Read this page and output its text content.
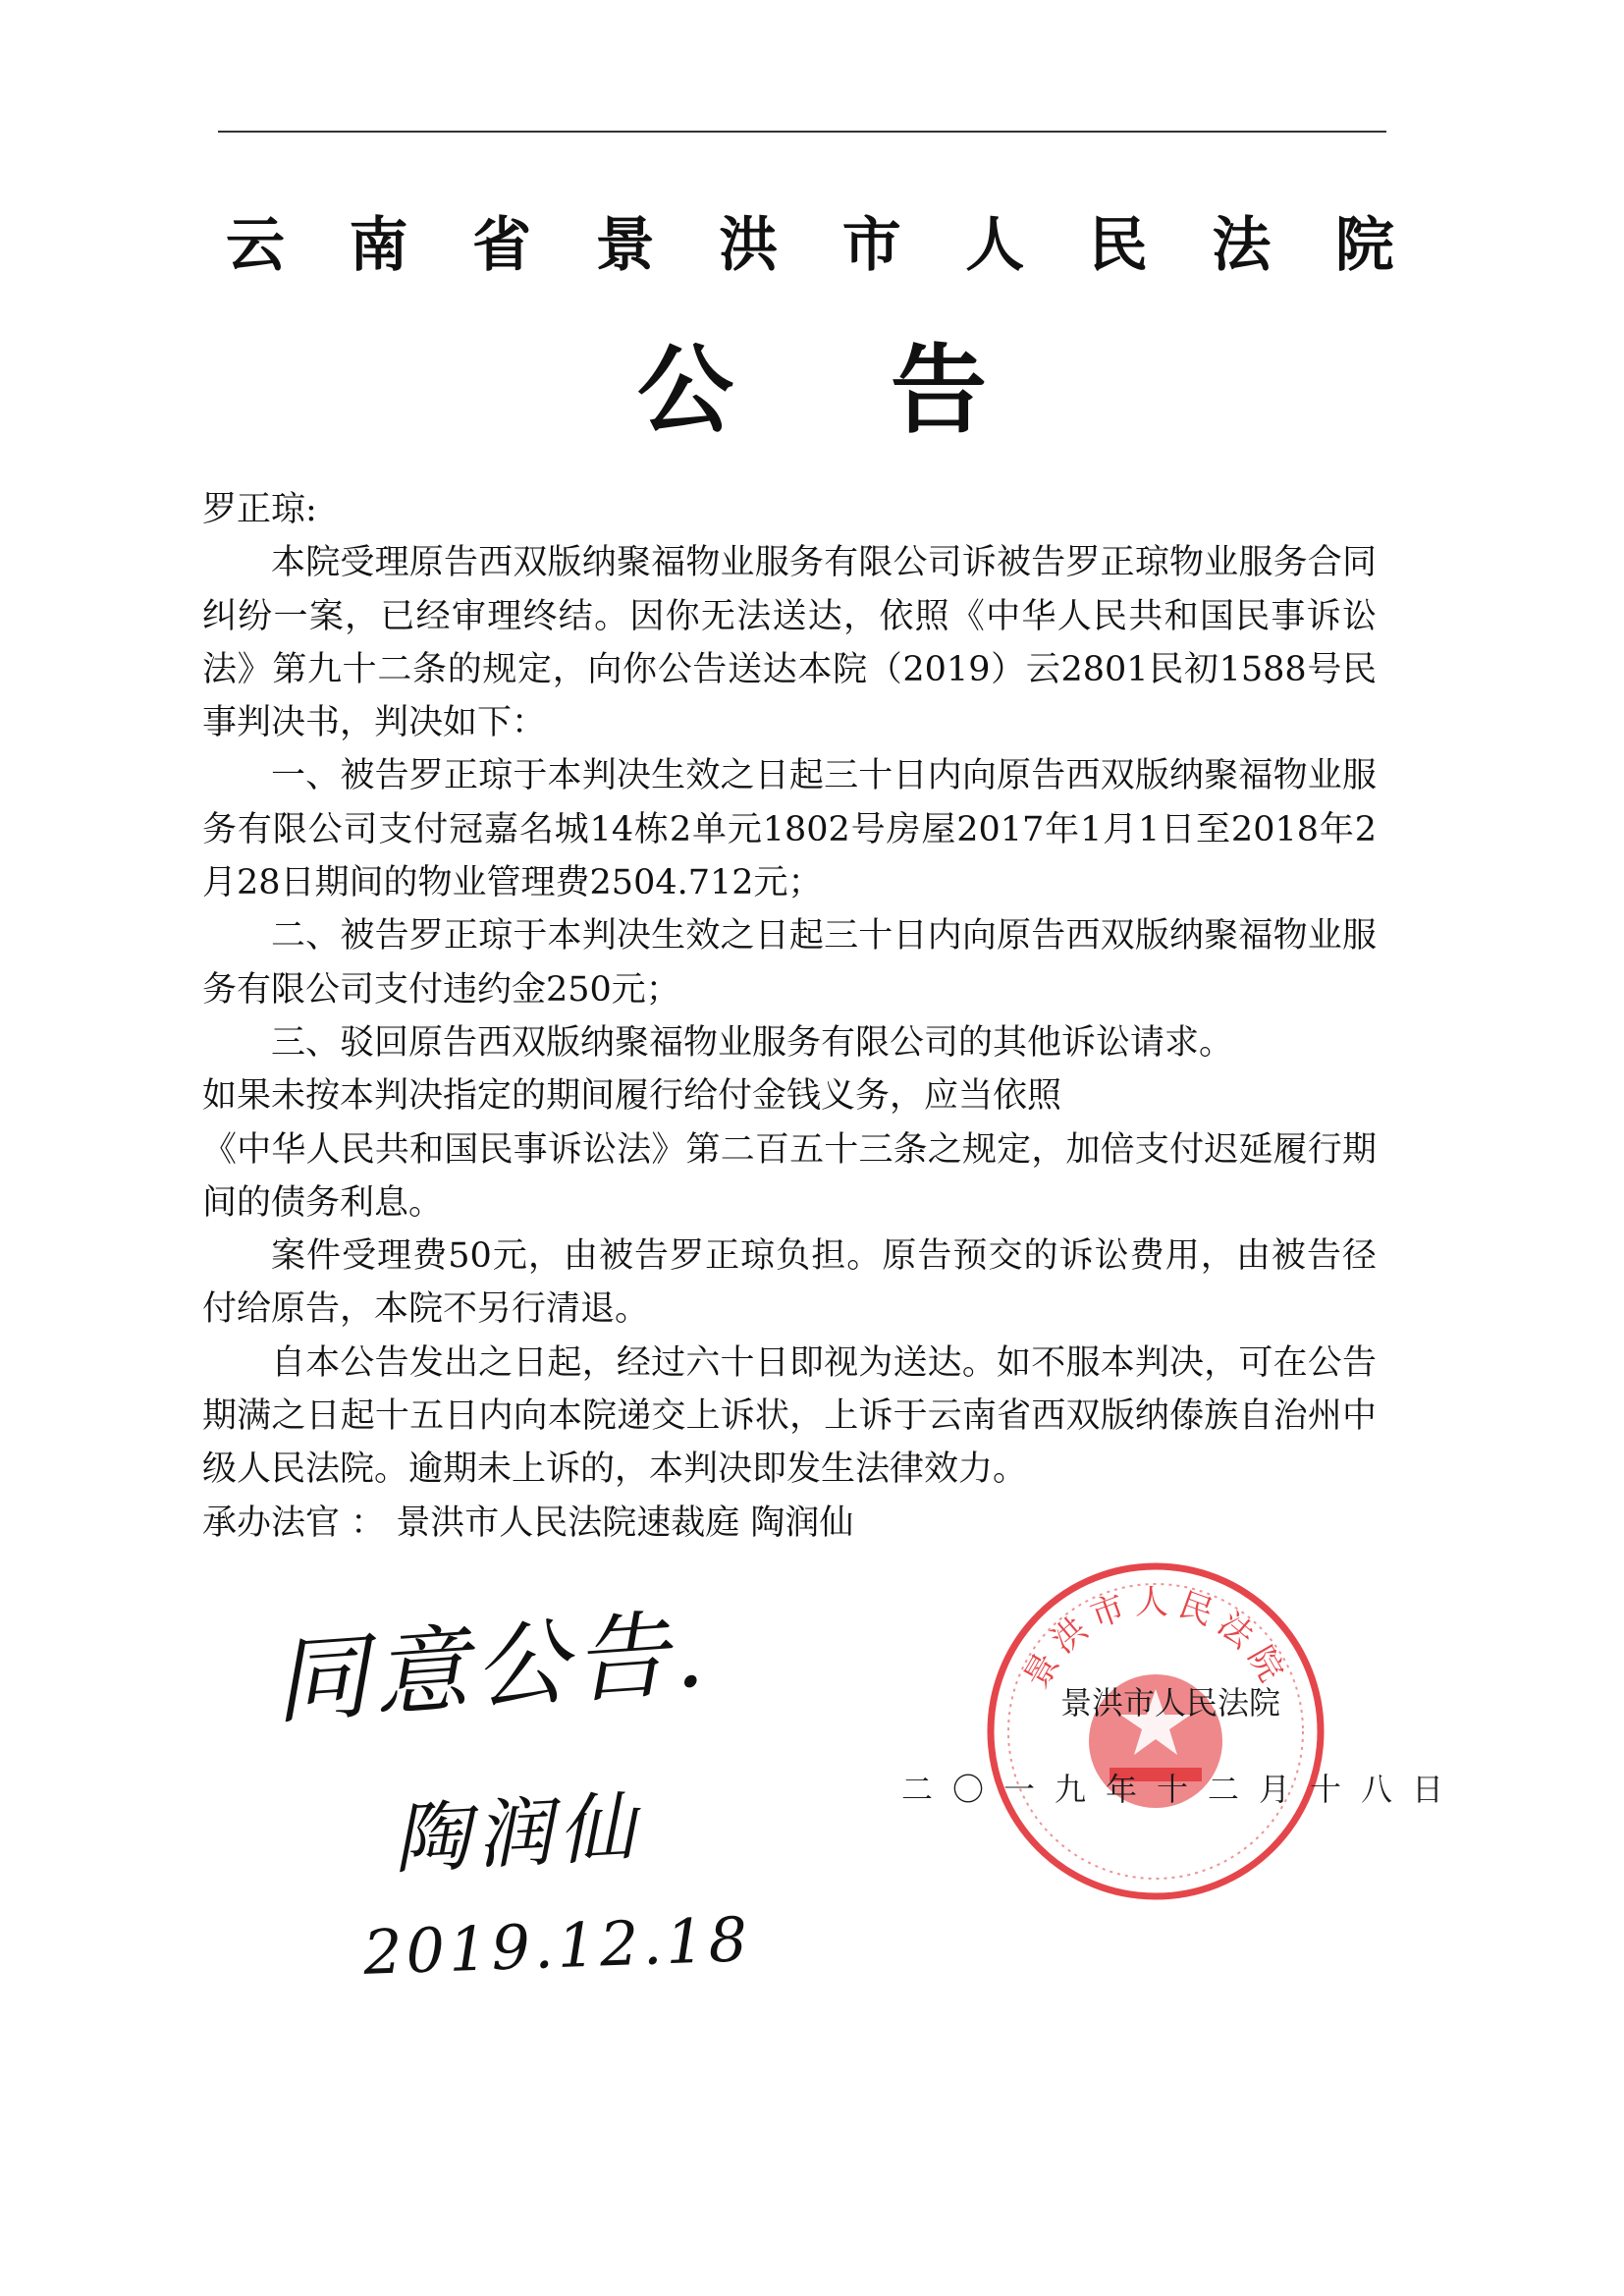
云 南 省 景 洪 市 人 民 法 院
公告

罗正琼:

本院受理原告西双版纳聚福物业服务有限公司诉被告罗正琼物业服务合同纠纷一案，已经审理终结。因你无法送达，依照《中华人民共和国民事诉讼法》第九十二条的规定，向你公告送达本院（2019）云2801民初1588号民事判决书，判决如下：

一、被告罗正琼于本判决生效之日起三十日内向原告西双版纳聚福物业服务有限公司支付冠嘉名城14栋2单元1802号房屋2017年1月1日至2018年2月28日期间的物业管理费2504.712元；

二、被告罗正琼于本判决生效之日起三十日内向原告西双版纳聚福物业服务有限公司支付违约金250元；

三、驳回原告西双版纳聚福物业服务有限公司的其他诉讼请求。

如果未按本判决指定的期间履行给付金钱义务，应当依照

《中华人民共和国民事诉讼法》第二百五十三条之规定，加倍支付迟延履行期间的债务利息。

案件受理费50元，由被告罗正琼负担。原告预交的诉讼费用，由被告径付给原告，本院不另行清退。

自本公告发出之日起，经过六十日即视为送达。如不服本判决，可在公告期满之日起十五日内向本院递交上诉状，上诉于云南省西双版纳傣族自治州中级人民法院。逾期未上诉的，本判决即发生法律效力。

承办法官 ： 景洪市人民法院速裁庭 陶润仙

同意公告.
陶润仙
2019.12.18
景洪市人民法院
景洪市人民法院
二〇一九年十二月十八日
